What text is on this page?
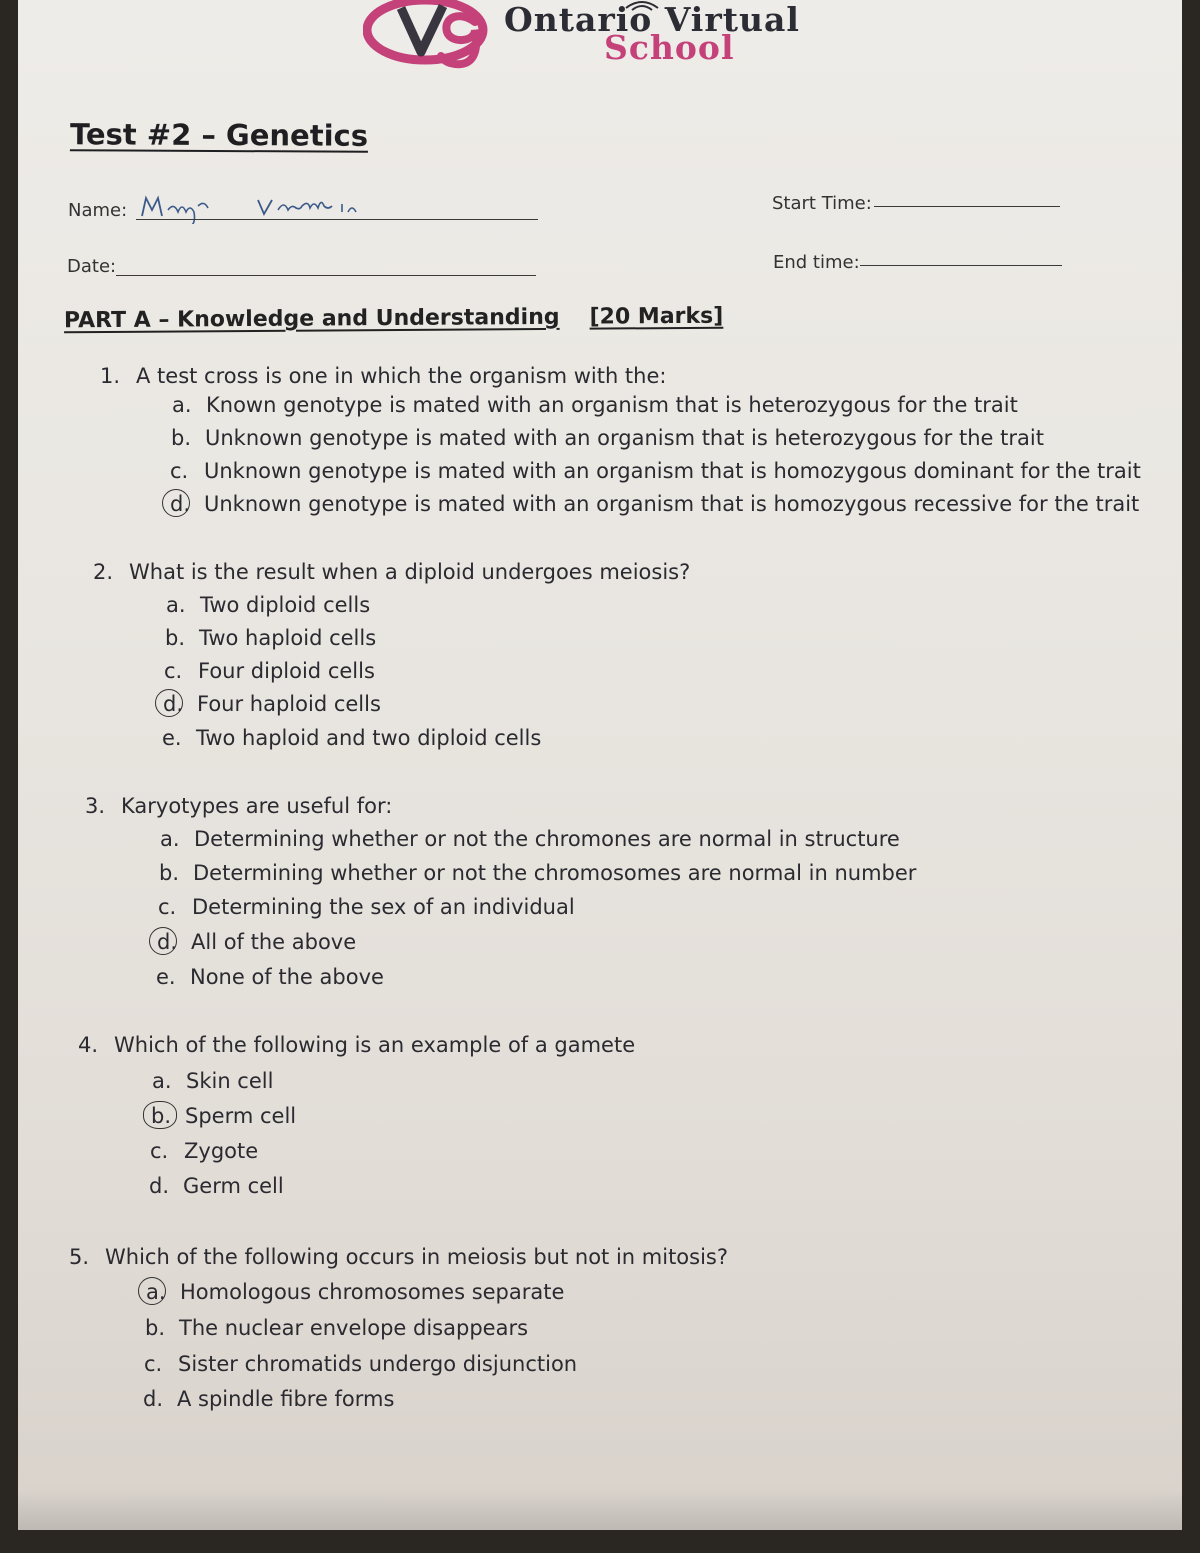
Ontario Virtual
School
Test #2 – Genetics
Name:
Date:
Start Time:
End time:
PART A – Knowledge and Understanding [20 Marks]
1. A test cross is one in which the organism with the:
a. Known genotype is mated with an organism that is heterozygous for the trait
b. Unknown genotype is mated with an organism that is heterozygous for the trait
c. Unknown genotype is mated with an organism that is homozygous dominant for the trait
d. Unknown genotype is mated with an organism that is homozygous recessive for the trait
2. What is the result when a diploid undergoes meiosis?
a. Two diploid cells
b. Two haploid cells
c. Four diploid cells
d. Four haploid cells
e. Two haploid and two diploid cells
3. Karyotypes are useful for:
a. Determining whether or not the chromones are normal in structure
b. Determining whether or not the chromosomes are normal in number
c. Determining the sex of an individual
d. All of the above
e. None of the above
4. Which of the following is an example of a gamete
a. Skin cell
b. Sperm cell
c. Zygote
d. Germ cell
5. Which of the following occurs in meiosis but not in mitosis?
a. Homologous chromosomes separate
b. The nuclear envelope disappears
c. Sister chromatids undergo disjunction
d. A spindle fibre forms
